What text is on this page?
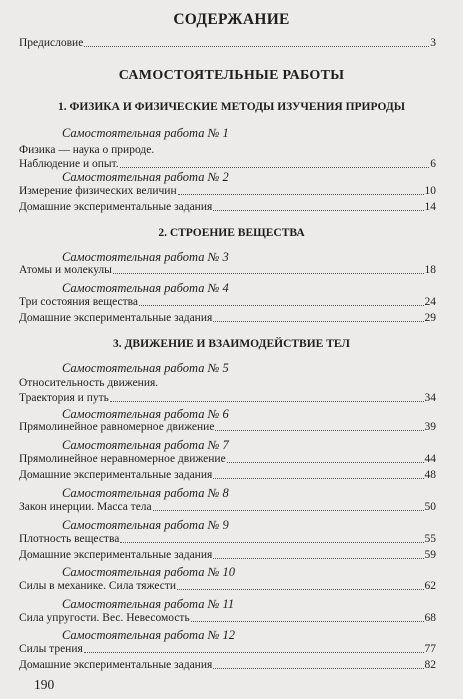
СОДЕРЖАНИЕ
Предисловие	3
САМОСТОЯТЕЛЬНЫЕ РАБОТЫ
1. ФИЗИКА И ФИЗИЧЕСКИЕ МЕТОДЫ ИЗУЧЕНИЯ ПРИРОДЫ
Самостоятельная работа № 1
Физика — наука о природе.
Наблюдение и опыт.	6
Самостоятельная работа № 2
Измерение физических величин	10
Домашние экспериментальные задания	14
2. СТРОЕНИЕ ВЕЩЕСТВА
Самостоятельная работа № 3
Атомы и молекулы	18
Самостоятельная работа № 4
Три состояния вещества	24
Домашние экспериментальные задания	29
3. ДВИЖЕНИЕ И ВЗАИМОДЕЙСТВИЕ ТЕЛ
Самостоятельная работа № 5
Относительность движения.
Траектория и путь	34
Самостоятельная работа № 6
Прямолинейное равномерное движение	39
Самостоятельная работа № 7
Прямолинейное неравномерное движение	44
Домашние экспериментальные задания	48
Самостоятельная работа № 8
Закон инерции. Масса тела	50
Самостоятельная работа № 9
Плотность вещества	55
Домашние экспериментальные задания	59
Самостоятельная работа № 10
Силы в механике. Сила тяжести	62
Самостоятельная работа № 11
Сила упругости. Вес. Невесомость	68
Самостоятельная работа № 12
Силы трения	77
Домашние экспериментальные задания	82
190
